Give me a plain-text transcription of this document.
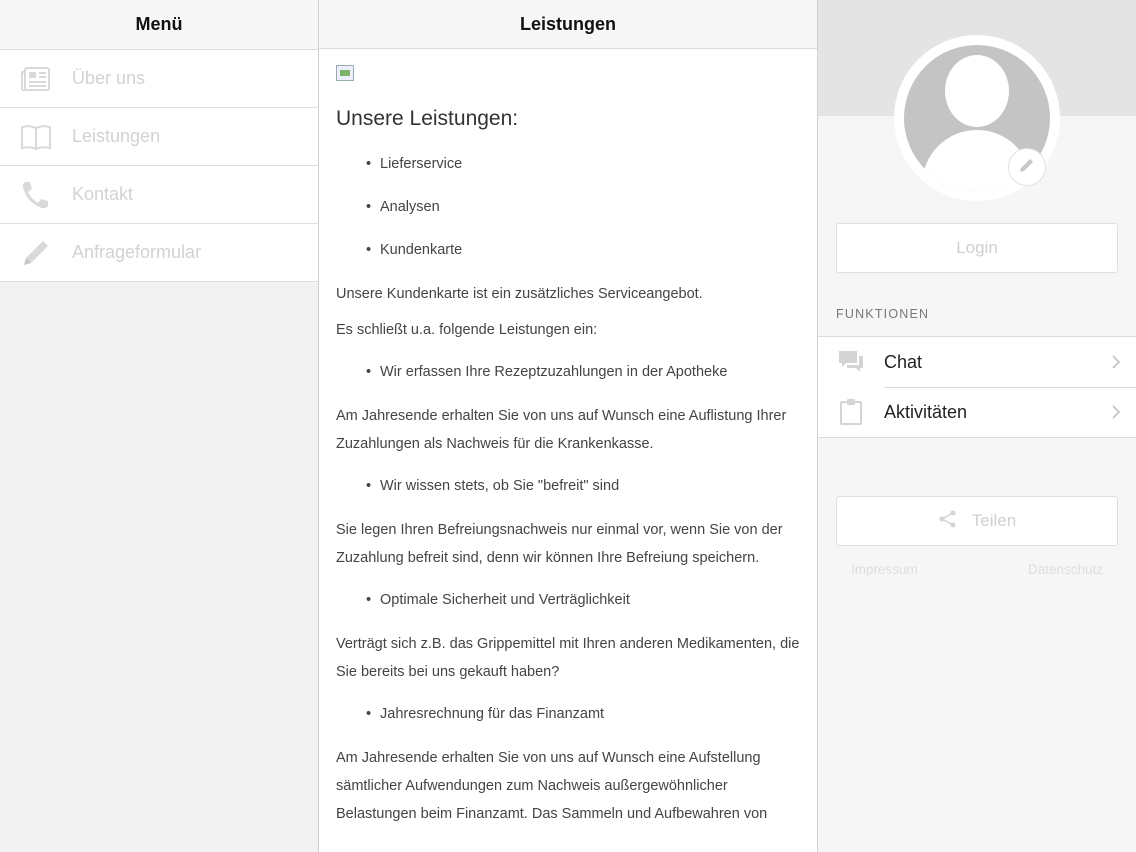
Menü
Über uns
Leistungen
Kontakt
Anfrageformular
Leistungen
Unsere Leistungen:
• Lieferservice
• Analysen
• Kundenkarte

Unsere Kundenkarte ist ein zusätzliches Serviceangebot.

Es schließt u.a. folgende Leistungen ein:

• Wir erfassen Ihre Rezeptzuzahlungen in der Apotheke

Am Jahresende erhalten Sie von uns auf Wunsch eine Auflistung Ihrer Zuzahlungen als Nachweis für die Krankenkasse.

• Wir wissen stets, ob Sie "befreit" sind

Sie legen Ihren Befreiungsnachweis nur einmal vor, wenn Sie von der Zuzahlung befreit sind, denn wir können Ihre Befreiung speichern.

• Optimale Sicherheit und Verträglichkeit

Verträgt sich z.B. das Grippemittel mit Ihren anderen Medikamenten, die Sie bereits bei uns gekauft haben?

• Jahresrechnung für das Finanzamt

Am Jahresende erhalten Sie von uns auf Wunsch eine Aufstellung sämtlicher Aufwendungen zum Nachweis außergewöhnlicher Belastungen beim Finanzamt. Das Sammeln und Aufbewahren von

Login
FUNKTIONEN
Chat
Aktivitäten
Teilen
Impressum	Datenschutz
